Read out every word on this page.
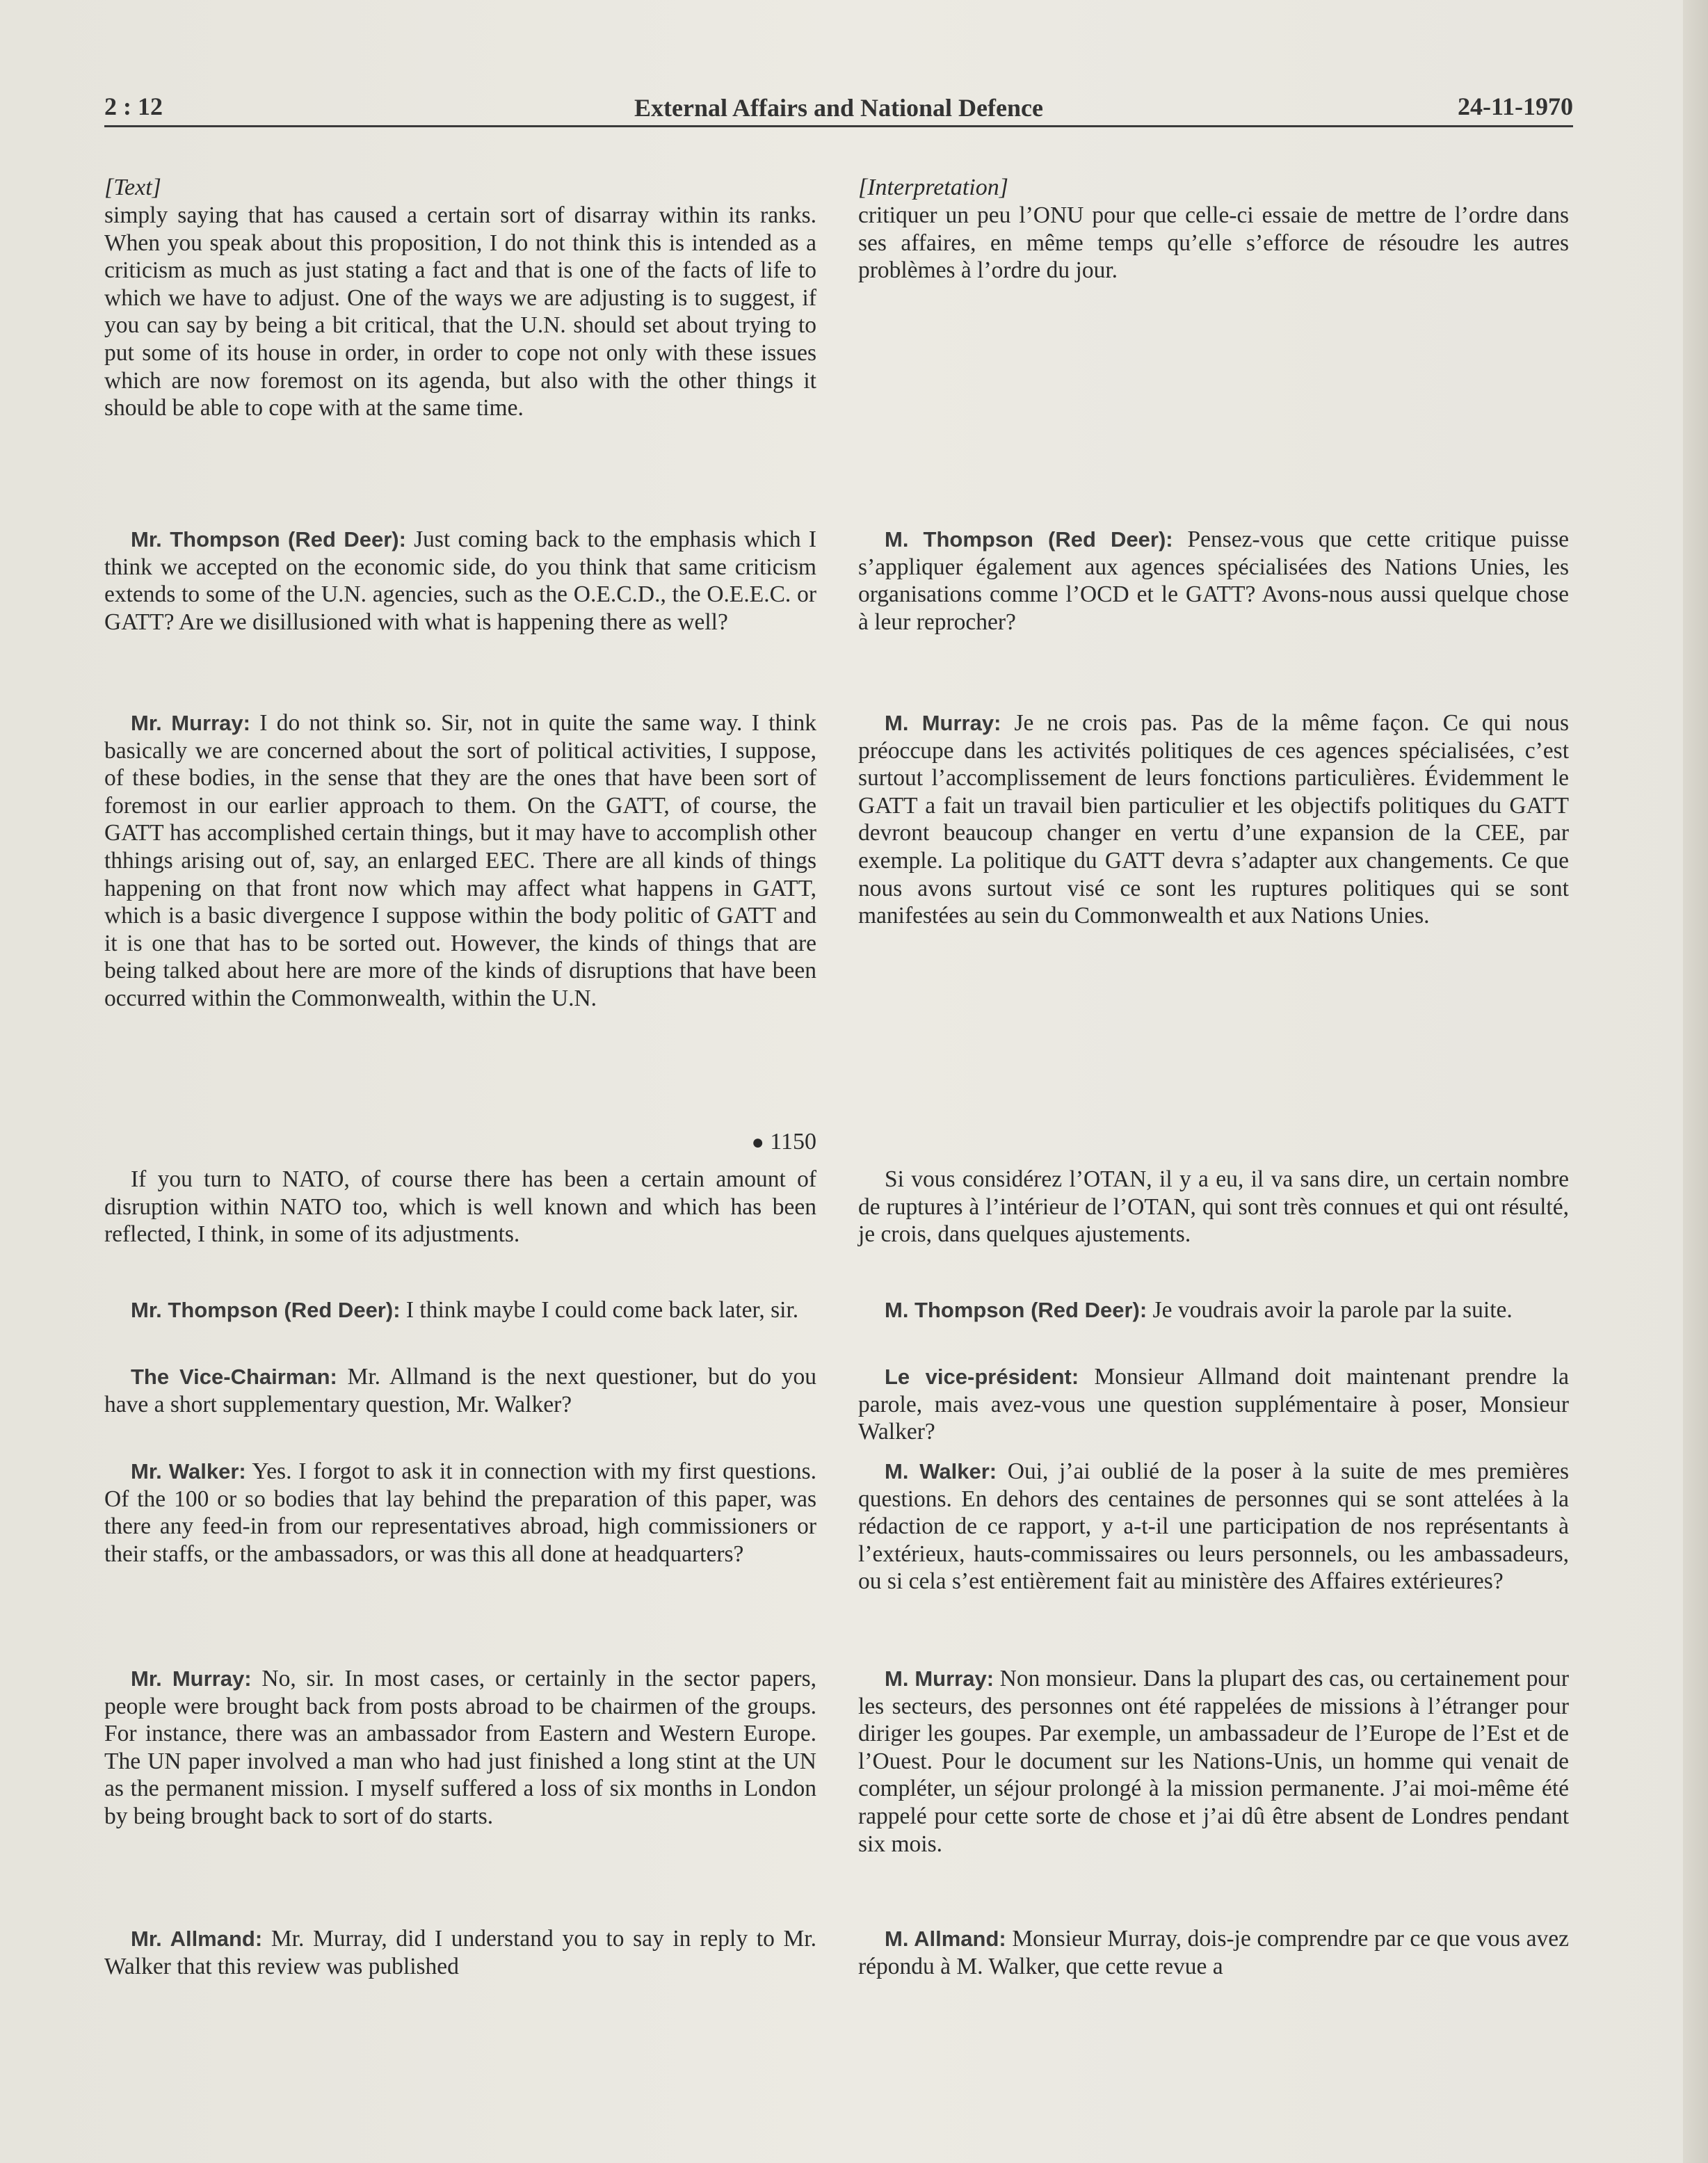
2 : 12	External Affairs and National Defence	24-11-1970
[Text]

simply saying that has caused a certain sort of disarray within its ranks. When you speak about this proposition, I do not think this is intended as a criticism as much as just stating a fact and that is one of the facts of life to which we have to adjust. One of the ways we are adjusting is to suggest, if you can say by being a bit critical, that the U.N. should set about trying to put some of its house in order, in order to cope not only with these issues which are now foremost on its agenda, but also with the other things it should be able to cope with at the same time.

Mr. Thompson (Red Deer): Just coming back to the emphasis which I think we accepted on the economic side, do you think that same criticism extends to some of the U.N. agencies, such as the O.E.C.D., the O.E.E.C. or GATT? Are we disillusioned with what is happening there as well?

Mr. Murray: I do not think so. Sir, not in quite the same way. I think basically we are concerned about the sort of political activities, I suppose, of these bodies, in the sense that they are the ones that have been sort of foremost in our earlier approach to them. On the GATT, of course, the GATT has accomplished certain things, but it may have to accomplish other thhings arising out of, say, an enlarged EEC. There are all kinds of things happening on that front now which may affect what happens in GATT, which is a basic divergence I suppose within the body politic of GATT and it is one that has to be sorted out. However, the kinds of things that are being talked about here are more of the kinds of disruptions that have been occurred within the Commonwealth, within the U.N.

● 1150

If you turn to NATO, of course there has been a certain amount of disruption within NATO too, which is well known and which has been reflected, I think, in some of its adjustments.

Mr. Thompson (Red Deer): I think maybe I could come back later, sir.

The Vice-Chairman: Mr. Allmand is the next questioner, but do you have a short supplementary question, Mr. Walker?

Mr. Walker: Yes. I forgot to ask it in connection with my first questions. Of the 100 or so bodies that lay behind the preparation of this paper, was there any feed-in from our representatives abroad, high commissioners or their staffs, or the ambassadors, or was this all done at headquarters?

Mr. Murray: No, sir. In most cases, or certainly in the sector papers, people were brought back from posts abroad to be chairmen of the groups. For instance, there was an ambassador from Eastern and Western Europe. The UN paper involved a man who had just finished a long stint at the UN as the permanent mission. I myself suffered a loss of six months in London by being brought back to sort of do starts.

Mr. Allmand: Mr. Murray, did I understand you to say in reply to Mr. Walker that this review was published

[Interpretation]

critiquer un peu l’ONU pour que celle-ci essaie de mettre de l’ordre dans ses affaires, en même temps qu’elle s’efforce de résoudre les autres problèmes à l’ordre du jour.

M. Thompson (Red Deer): Pensez-vous que cette critique puisse s’appliquer également aux agences spécialisées des Nations Unies, les organisations comme l’OCD et le GATT? Avons-nous aussi quelque chose à leur reprocher?

M. Murray: Je ne crois pas. Pas de la même façon. Ce qui nous préoccupe dans les activités politiques de ces agences spécialisées, c’est surtout l’accomplissement de leurs fonctions particulières. Évidemment le GATT a fait un travail bien particulier et les objectifs politiques du GATT devront beaucoup changer en vertu d’une expansion de la CEE, par exemple. La politique du GATT devra s’adapter aux changements. Ce que nous avons surtout visé ce sont les ruptures politiques qui se sont manifestées au sein du Commonwealth et aux Nations Unies.

Si vous considérez l’OTAN, il y a eu, il va sans dire, un certain nombre de ruptures à l’intérieur de l’OTAN, qui sont très connues et qui ont résulté, je crois, dans quelques ajustements.

M. Thompson (Red Deer): Je voudrais avoir la parole par la suite.

Le vice-président: Monsieur Allmand doit maintenant prendre la parole, mais avez-vous une question supplémentaire à poser, Monsieur Walker?

M. Walker: Oui, j’ai oublié de la poser à la suite de mes premières questions. En dehors des centaines de personnes qui se sont attelées à la rédaction de ce rapport, y a-t-il une participation de nos représentants à l’extérieux, hauts-commissaires ou leurs personnels, ou les ambassadeurs, ou si cela s’est entièrement fait au ministère des Affaires extérieures?

M. Murray: Non monsieur. Dans la plupart des cas, ou certainement pour les secteurs, des personnes ont été rappelées de missions à l’étranger pour diriger les goupes. Par exemple, un ambassadeur de l’Europe de l’Est et de l’Ouest. Pour le document sur les Nations-Unis, un homme qui venait de compléter, un séjour prolongé à la mission permanente. J’ai moi-même été rappelé pour cette sorte de chose et j’ai dû être absent de Londres pendant six mois.

M. Allmand: Monsieur Murray, dois-je comprendre par ce que vous avez répondu à M. Walker, que cette revue a
